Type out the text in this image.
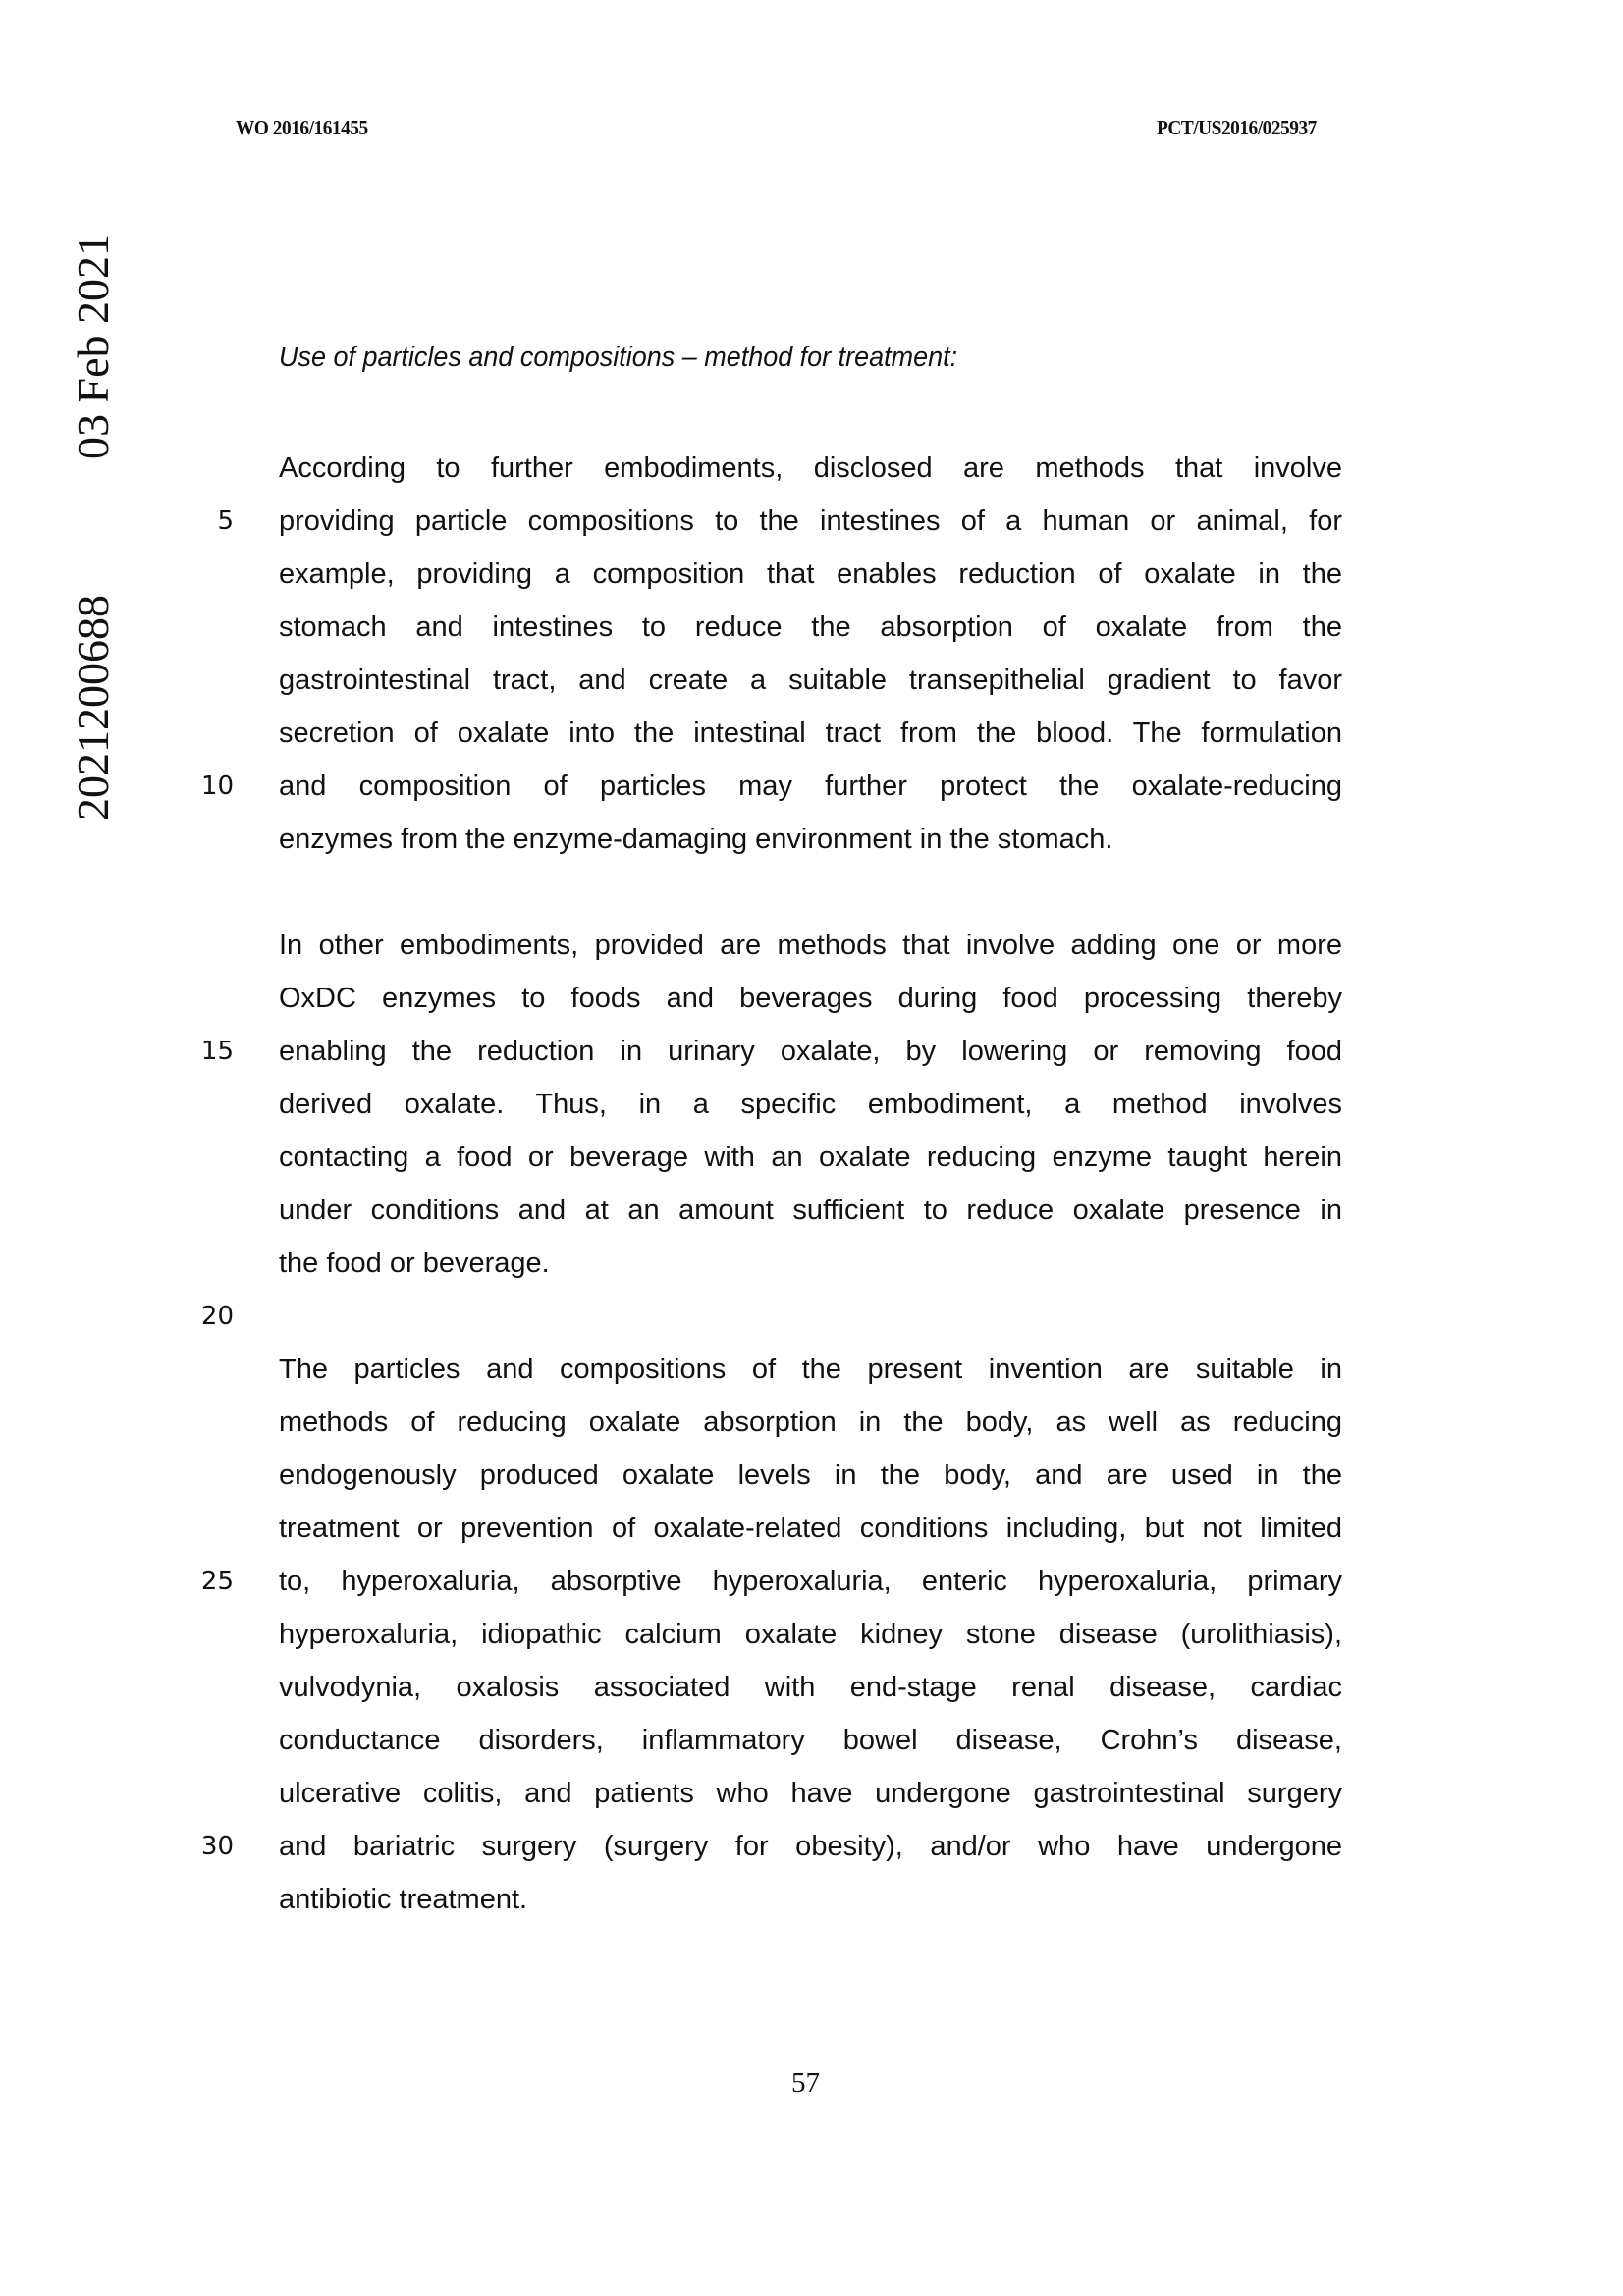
WO 2016/161455	PCT/US2016/025937
03 Feb 2021
2021200688
Use of particles and compositions – method for treatment:
According to further embodiments, disclosed are methods that involve
providing particle compositions to the intestines of a human or animal, for
example, providing a composition that enables reduction of oxalate in the
stomach and intestines to reduce the absorption of oxalate from the
gastrointestinal tract, and create a suitable transepithelial gradient to favor
secretion of oxalate into the intestinal tract from the blood. The formulation
and composition of particles may further protect the oxalate-reducing
enzymes from the enzyme-damaging environment in the stomach.
In other embodiments, provided are methods that involve adding one or more
OxDC enzymes to foods and beverages during food processing thereby
enabling the reduction in urinary oxalate, by lowering or removing food
derived oxalate. Thus, in a specific embodiment, a method involves
contacting a food or beverage with an oxalate reducing enzyme taught herein
under conditions and at an amount sufficient to reduce oxalate presence in
the food or beverage.
The particles and compositions of the present invention are suitable in
methods of reducing oxalate absorption in the body, as well as reducing
endogenously produced oxalate levels in the body, and are used in the
treatment or prevention of oxalate-related conditions including, but not limited
to, hyperoxaluria, absorptive hyperoxaluria, enteric hyperoxaluria, primary
hyperoxaluria, idiopathic calcium oxalate kidney stone disease (urolithiasis),
vulvodynia, oxalosis associated with end-stage renal disease, cardiac
conductance disorders, inflammatory bowel disease, Crohn’s disease,
ulcerative colitis, and patients who have undergone gastrointestinal surgery
and bariatric surgery (surgery for obesity), and/or who have undergone
antibiotic treatment.
5
10
15
20
25
30
57
